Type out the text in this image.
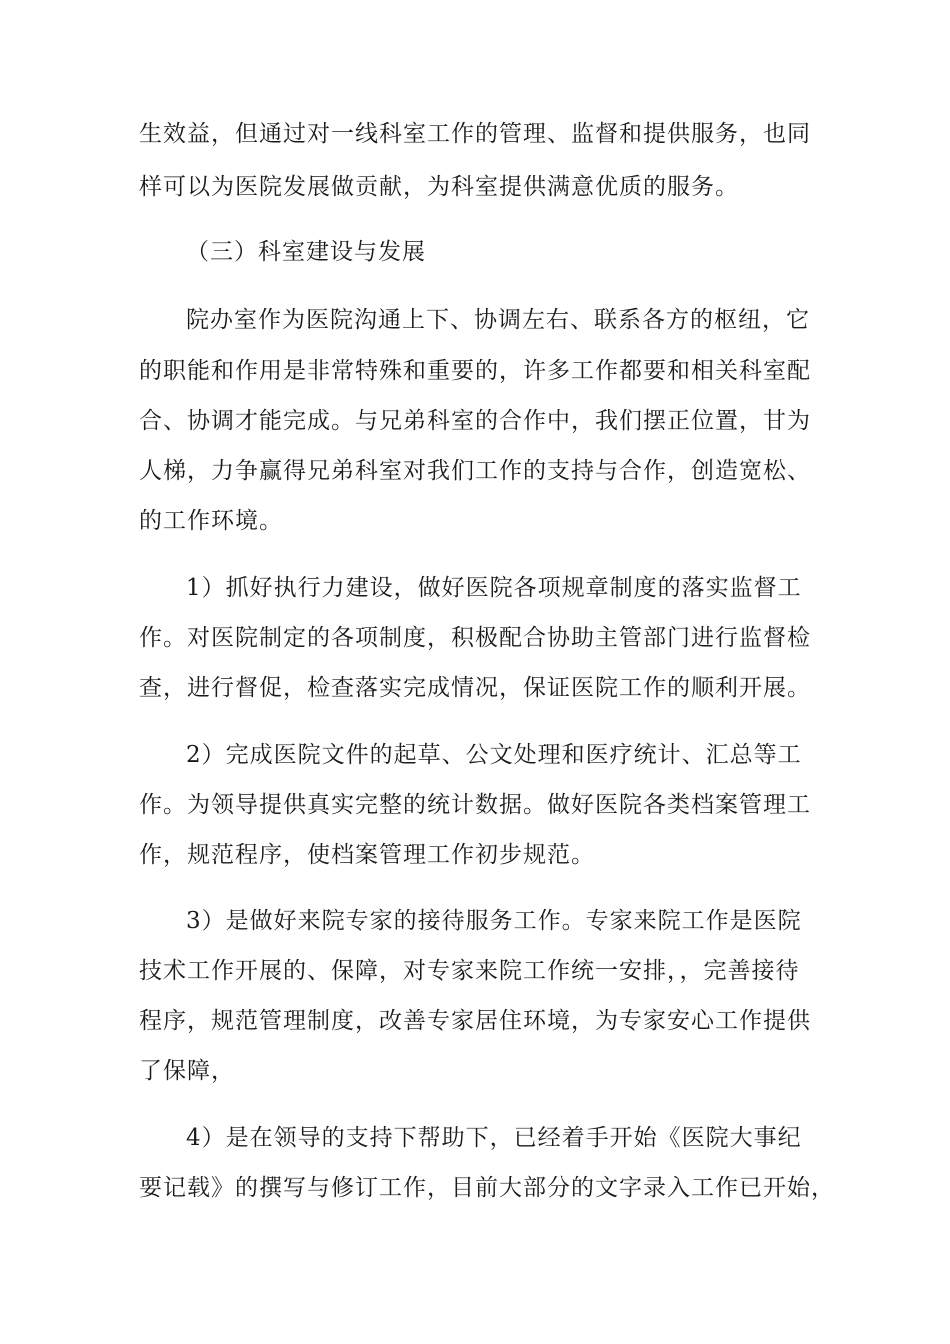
生效益，但通过对一线科室工作的管理、监督和提供服务，也同

样可以为医院发展做贡献，为科室提供满意优质的服务。

（三）科室建设与发展

院办室作为医院沟通上下、协调左右、联系各方的枢纽，它

的职能和作用是非常特殊和重要的，许多工作都要和相关科室配

合、协调才能完成。与兄弟科室的合作中，我们摆正位置，甘为

人梯，力争赢得兄弟科室对我们工作的支持与合作，创造宽松、

的工作环境。

1）抓好执行力建设，做好医院各项规章制度的落实监督工

作。对医院制定的各项制度，积极配合协助主管部门进行监督检

查，进行督促，检查落实完成情况，保证医院工作的顺利开展。

2）完成医院文件的起草、公文处理和医疗统计、汇总等工

作。为领导提供真实完整的统计数据。做好医院各类档案管理工

作，规范程序，使档案管理工作初步规范。

3）是做好来院专家的接待服务工作。专家来院工作是医院

技术工作开展的、保障，对专家来院工作统一安排，，完善接待

程序，规范管理制度，改善专家居住环境，为专家安心工作提供

了保障，

4）是在领导的支持下帮助下，已经着手开始《医院大事纪

要记载》的撰写与修订工作，目前大部分的文字录入工作已开始，
